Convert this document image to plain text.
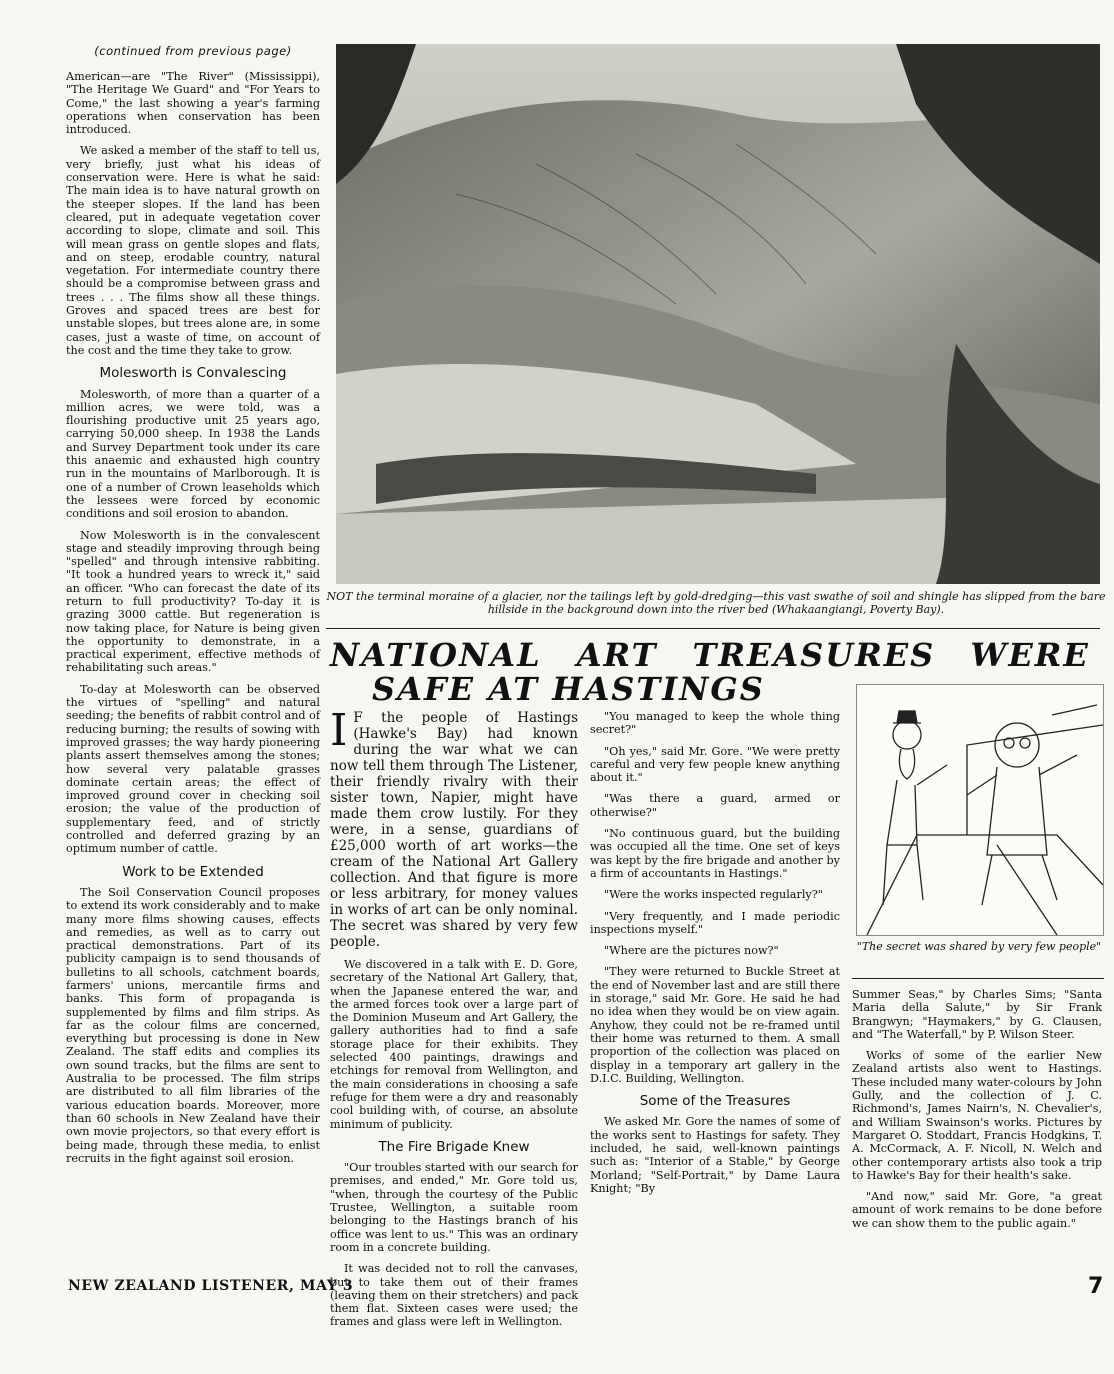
(continued from previous page)

American—are "The River" (Mississippi), "The Heritage We Guard" and "For Years to Come," the last showing a year's farming operations when conservation has been introduced.

We asked a member of the staff to tell us, very briefly, just what his ideas of conservation were. Here is what he said: The main idea is to have natural growth on the steeper slopes. If the land has been cleared, put in adequate vegetation cover according to slope, climate and soil. This will mean grass on gentle slopes and flats, and on steep, erodable country, natural vegetation. For intermediate country there should be a compromise between grass and trees . . . The films show all these things. Groves and spaced trees are best for unstable slopes, but trees alone are, in some cases, just a waste of time, on account of the cost and the time they take to grow.

Molesworth is Convalescing

Molesworth, of more than a quarter of a million acres, we were told, was a flourishing productive unit 25 years ago, carrying 50,000 sheep. In 1938 the Lands and Survey Department took under its care this anaemic and exhausted high country run in the mountains of Marlborough. It is one of a number of Crown leaseholds which the lessees were forced by economic conditions and soil erosion to abandon.

Now Molesworth is in the convalescent stage and steadily improving through being "spelled" and through intensive rabbiting. "It took a hundred years to wreck it," said an officer. "Who can forecast the date of its return to full productivity? To-day it is grazing 3000 cattle. But regeneration is now taking place, for Nature is being given the opportunity to demonstrate, in a practical experiment, effective methods of rehabilitating such areas."

To-day at Molesworth can be observed the virtues of "spelling" and natural seeding; the benefits of rabbit control and of reducing burning; the results of sowing with improved grasses; the way hardy pioneering plants assert themselves among the stones; how several very palatable grasses dominate certain areas; the effect of improved ground cover in checking soil erosion; the value of the production of supplementary feed, and of strictly controlled and deferred grazing by an optimum number of cattle.

Work to be Extended

The Soil Conservation Council proposes to extend its work considerably and to make many more films showing causes, effects and remedies, as well as to carry out practical demonstrations. Part of its publicity campaign is to send thousands of bulletins to all schools, catchment boards, farmers' unions, mercantile firms and banks. This form of propaganda is supplemented by films and film strips. As far as the colour films are concerned, everything but processing is done in New Zealand. The staff edits and complies its own sound tracks, but the films are sent to Australia to be processed. The film strips are distributed to all film libraries of the various education boards. Moreover, more than 60 schools in New Zealand have their own movie projectors, so that every effort is being made, through these media, to enlist recruits in the fight against soil erosion.

NOT the terminal moraine of a glacier, nor the tailings left by gold-dredging—this vast swathe of soil and shingle has slipped from the bare hillside in the background down into the river bed (Whakaangiangi, Poverty Bay).
NATIONAL ART TREASURES WERE
SAFE AT HASTINGS

I F the people of Hastings (Hawke's Bay) had known during the war what we can now tell them through The Listener, their friendly rivalry with their sister town, Napier, might have made them crow lustily. For they were, in a sense, guardians of £25,000 worth of art works—the cream of the National Art Gallery collection. And that figure is more or less arbitrary, for money values in works of art can be only nominal. The secret was shared by very few people.

We discovered in a talk with E. D. Gore, secretary of the National Art Gallery, that, when the Japanese entered the war, and the armed forces took over a large part of the Dominion Museum and Art Gallery, the gallery authorities had to find a safe storage place for their exhibits. They selected 400 paintings, drawings and etchings for removal from Wellington, and the main considerations in choosing a safe refuge for them were a dry and reasonably cool building with, of course, an absolute minimum of publicity.

The Fire Brigade Knew

"Our troubles started with our search for premises, and ended," Mr. Gore told us, "when, through the courtesy of the Public Trustee, Wellington, a suitable room belonging to the Hastings branch of his office was lent to us." This was an ordinary room in a concrete building.

It was decided not to roll the canvases, but to take them out of their frames (leaving them on their stretchers) and pack them flat. Sixteen cases were used; the frames and glass were left in Wellington.

"You managed to keep the whole thing secret?"

"Oh yes," said Mr. Gore. "We were pretty careful and very few people knew anything about it."

"Was there a guard, armed or otherwise?"

"No continuous guard, but the building was occupied all the time. One set of keys was kept by the fire brigade and another by a firm of accountants in Hastings."

"Were the works inspected regularly?"

"Very frequently, and I made periodic inspections myself."

"Where are the pictures now?"

"They were returned to Buckle Street at the end of November last and are still there in storage," said Mr. Gore. He said he had no idea when they would be on view again. Anyhow, they could not be re-framed until their home was returned to them. A small proportion of the collection was placed on display in a temporary art gallery in the D.I.C. Building, Wellington.

Some of the Treasures

We asked Mr. Gore the names of some of the works sent to Hastings for safety. They included, he said, well-known paintings such as: "Interior of a Stable," by George Morland; "Self-Portrait," by Dame Laura Knight; "By

"The secret was shared by very few people"

Summer Seas," by Charles Sims; "Santa Maria della Salute," by Sir Frank Brangwyn; "Haymakers," by G. Clausen, and "The Waterfall," by P. Wilson Steer.

Works of some of the earlier New Zealand artists also went to Hastings. These included many water-colours by John Gully, and the collection of J. C. Richmond's, James Nairn's, N. Chevalier's, and William Swainson's works. Pictures by Margaret O. Stoddart, Francis Hodgkins, T. A. McCormack, A. F. Nicoll, N. Welch and other contemporary artists also took a trip to Hawke's Bay for their health's sake.

"And now," said Mr. Gore, "a great amount of work remains to be done before we can show them to the public again."

NEW ZEALAND LISTENER, MAY 3	7
